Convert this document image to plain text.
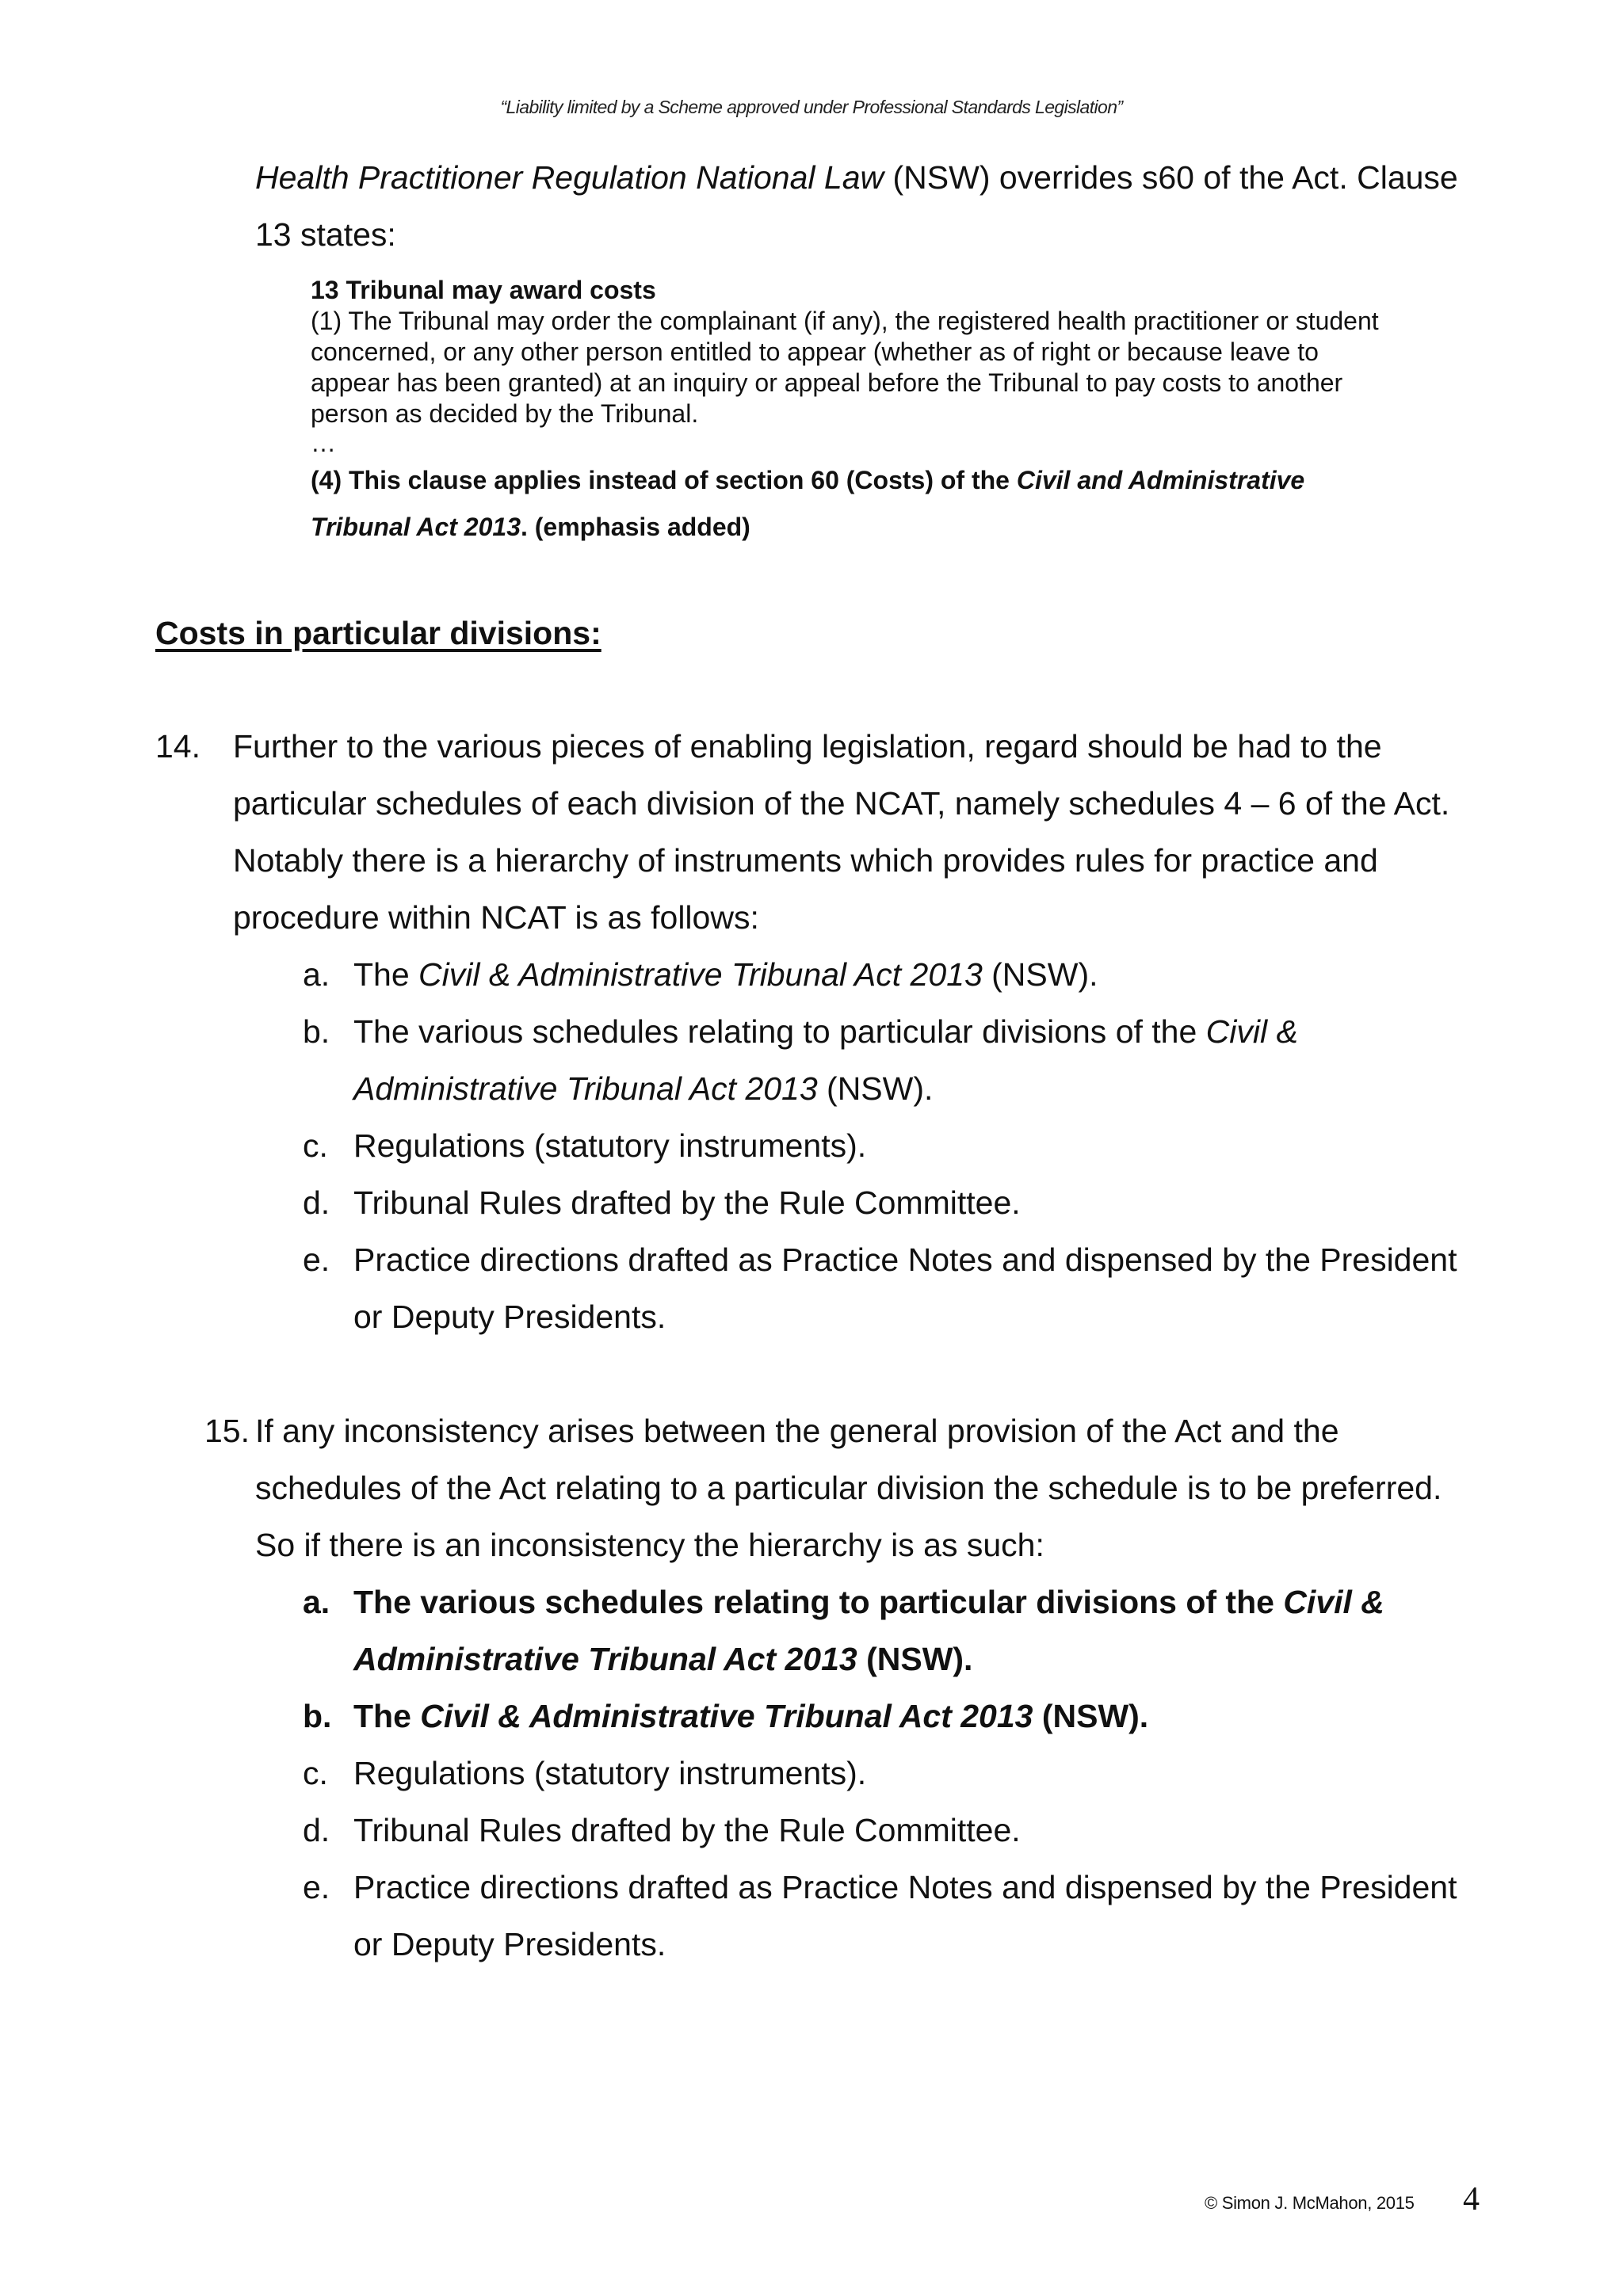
“Liability limited by a Scheme approved under Professional Standards Legislation”
Health Practitioner Regulation National Law (NSW) overrides s60 of the Act. Clause
13 states:
13 Tribunal may award costs
(1) The Tribunal may order the complainant (if any), the registered health practitioner or student
concerned, or any other person entitled to appear (whether as of right or because leave to
appear has been granted) at an inquiry or appeal before the Tribunal to pay costs to another
person as decided by the Tribunal.
…
(4) This clause applies instead of section 60 (Costs) of the Civil and Administrative
Tribunal Act 2013. (emphasis added)
Costs in particular divisions:
14. Further to the various pieces of enabling legislation, regard should be had to the
particular schedules of each division of the NCAT, namely schedules 4 – 6 of the Act.
Notably there is a hierarchy of instruments which provides rules for practice and
procedure within NCAT is as follows:
a. The Civil & Administrative Tribunal Act 2013 (NSW).
b. The various schedules relating to particular divisions of the Civil &
Administrative Tribunal Act 2013 (NSW).
c. Regulations (statutory instruments).
d. Tribunal Rules drafted by the Rule Committee.
e. Practice directions drafted as Practice Notes and dispensed by the President
or Deputy Presidents.
15. If any inconsistency arises between the general provision of the Act and the
schedules of the Act relating to a particular division the schedule is to be preferred.
So if there is an inconsistency the hierarchy is as such:
a. The various schedules relating to particular divisions of the Civil &
Administrative Tribunal Act 2013 (NSW).
b. The Civil & Administrative Tribunal Act 2013 (NSW).
c. Regulations (statutory instruments).
d. Tribunal Rules drafted by the Rule Committee.
e. Practice directions drafted as Practice Notes and dispensed by the President
or Deputy Presidents.
© Simon J. McMahon, 2015 4
